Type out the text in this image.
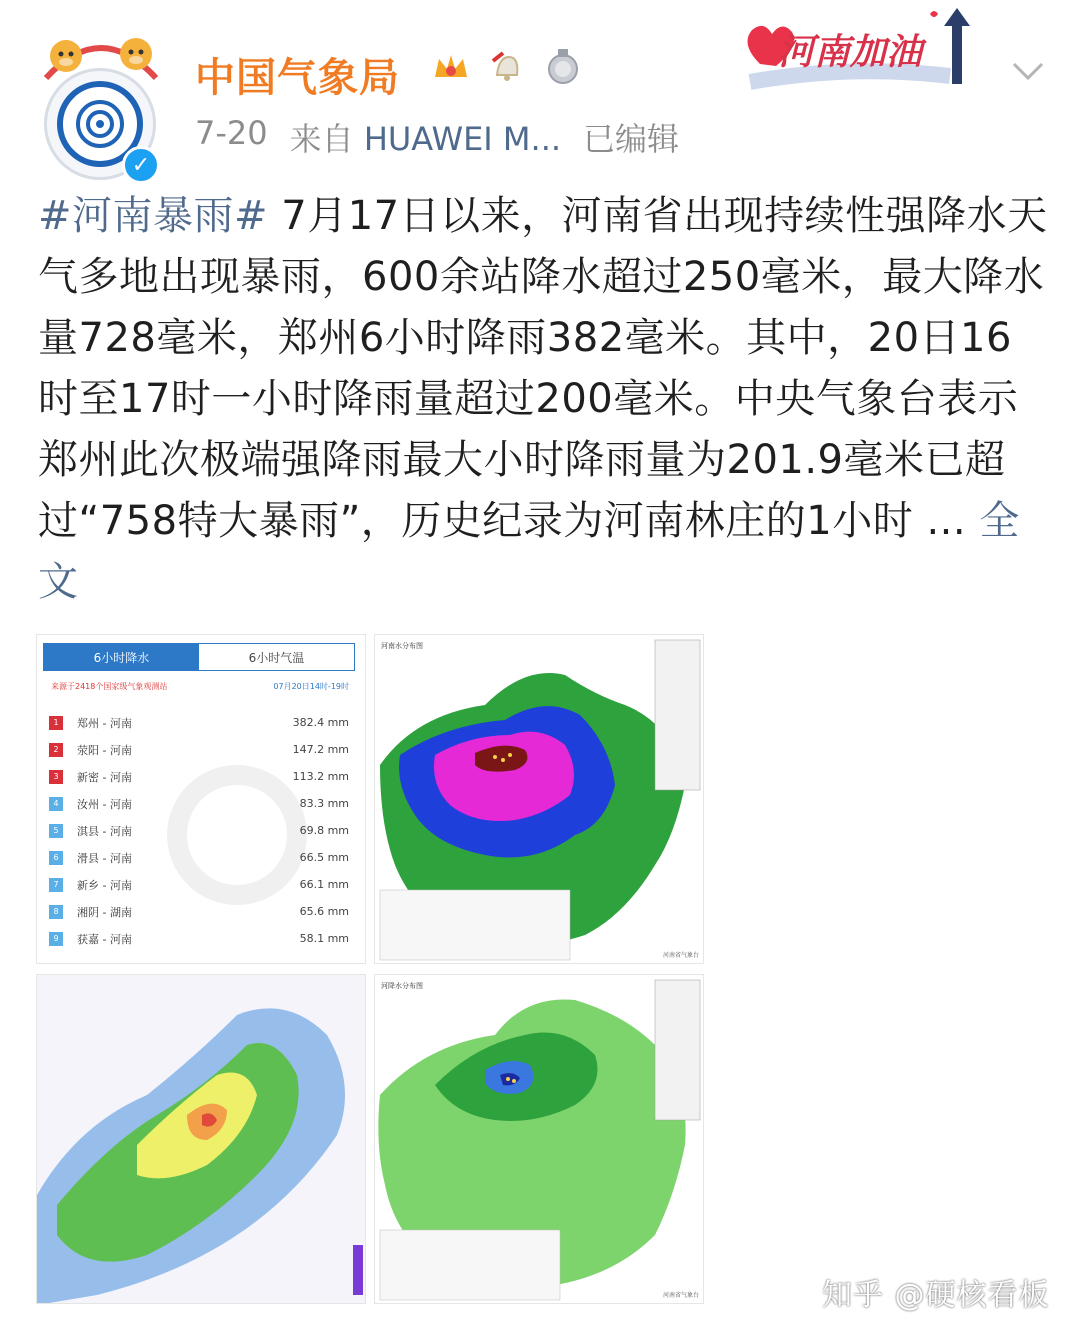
✓
中国气象局
7-20 来自 HUAWEI M... 已编辑
河南加油
#河南暴雨# 7月17日以来，河南省出现持续性强降水天气多地出现暴雨，600余站降水超过250毫米，最大降水量728毫米，郑州6小时降雨382毫米。其中，20日16时至17时一小时降雨量超过200毫米。中央气象台表示郑州此次极端强降雨最大小时降雨量为201.9毫米已超过“758特大暴雨”，历史纪录为河南林庄的1小时 ... 全文
6小时降水	6小时气温
来源于2418个国家级气象观测站	07月20日14时-19时
1	郑州 - 河南	382.4 mm
2	荥阳 - 河南	147.2 mm
3	新密 - 河南	113.2 mm
4	汝州 - 河南	83.3 mm
5	淇县 - 河南	69.8 mm
6	滑县 - 河南	66.5 mm
7	新乡 - 河南	66.1 mm
8	湘阴 - 湖南	65.6 mm
9	获嘉 - 河南	58.1 mm
河南水分布图
河南省气象台
河降水分布图
河南省气象台	知乎 @硬核看板
